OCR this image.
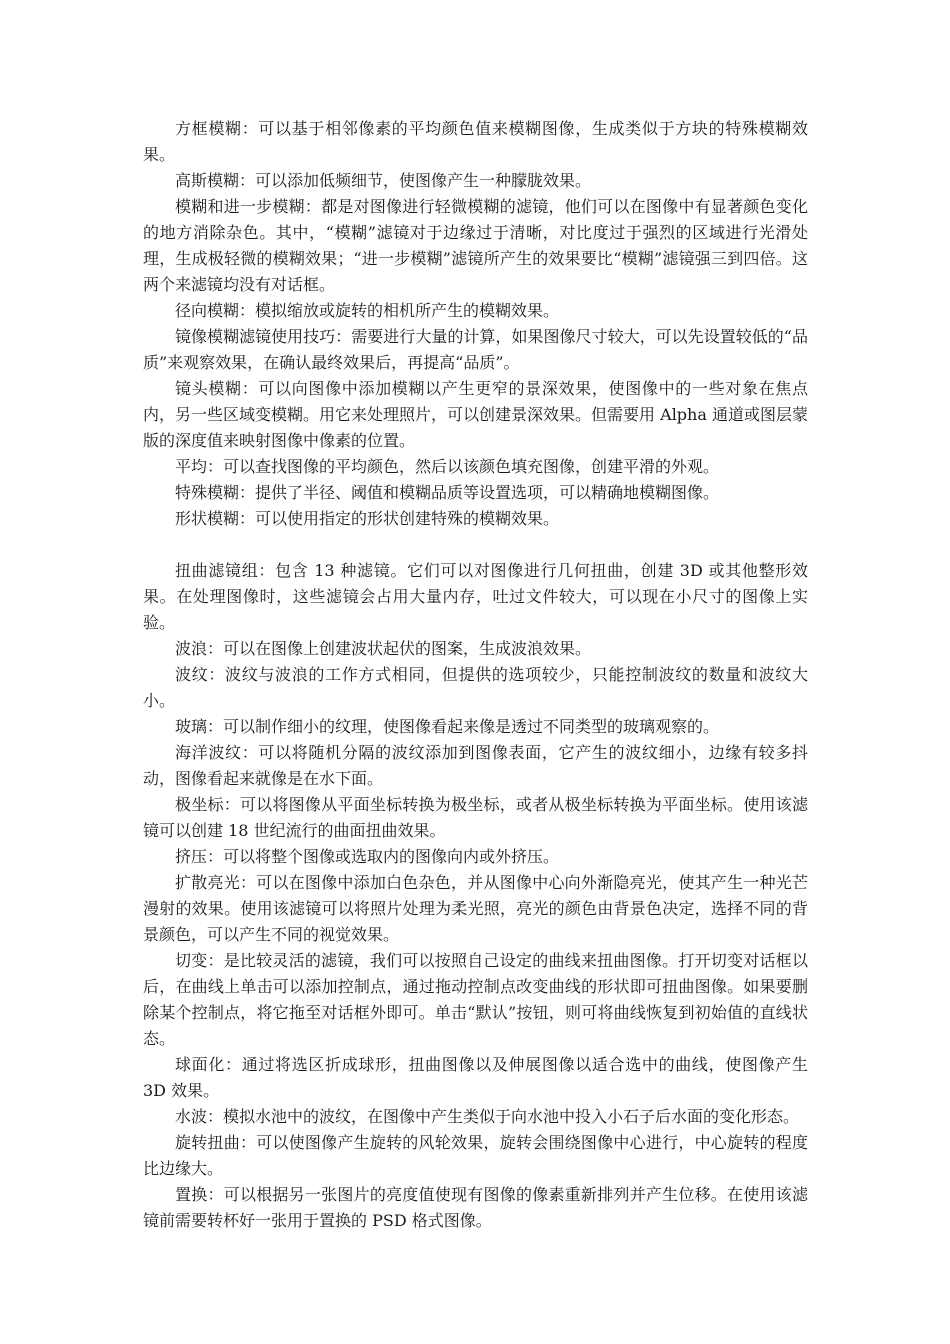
方框模糊：可以基于相邻像素的平均颜色值来模糊图像，生成类似于方块的特殊模糊效果。

高斯模糊：可以添加低频细节，使图像产生一种朦胧效果。

模糊和进一步模糊：都是对图像进行轻微模糊的滤镜，他们可以在图像中有显著颜色变化的地方消除杂色。其中，“模糊”滤镜对于边缘过于清晰，对比度过于强烈的区域进行光滑处理，生成极轻微的模糊效果；“进一步模糊”滤镜所产生的效果要比“模糊”滤镜强三到四倍。这两个来滤镜均没有对话框。

径向模糊：模拟缩放或旋转的相机所产生的模糊效果。

镜像模糊滤镜使用技巧：需要进行大量的计算，如果图像尺寸较大，可以先设置较低的“品质”来观察效果，在确认最终效果后，再提高“品质”。

镜头模糊：可以向图像中添加模糊以产生更窄的景深效果，使图像中的一些对象在焦点内，另一些区域变模糊。用它来处理照片，可以创建景深效果。但需要用 Alpha 通道或图层蒙版的深度值来映射图像中像素的位置。

平均：可以查找图像的平均颜色，然后以该颜色填充图像，创建平滑的外观。

特殊模糊：提供了半径、阈值和模糊品质等设置选项，可以精确地模糊图像。

形状模糊：可以使用指定的形状创建特殊的模糊效果。

扭曲滤镜组：包含 13 种滤镜。它们可以对图像进行几何扭曲，创建 3D 或其他整形效果。在处理图像时，这些滤镜会占用大量内存，吐过文件较大，可以现在小尺寸的图像上实验。

波浪：可以在图像上创建波状起伏的图案，生成波浪效果。

波纹：波纹与波浪的工作方式相同，但提供的选项较少，只能控制波纹的数量和波纹大小。

玻璃：可以制作细小的纹理，使图像看起来像是透过不同类型的玻璃观察的。

海洋波纹：可以将随机分隔的波纹添加到图像表面，它产生的波纹细小，边缘有较多抖动，图像看起来就像是在水下面。

极坐标：可以将图像从平面坐标转换为极坐标，或者从极坐标转换为平面坐标。使用该滤镜可以创建 18 世纪流行的曲面扭曲效果。

挤压：可以将整个图像或选取内的图像向内或外挤压。

扩散亮光：可以在图像中添加白色杂色，并从图像中心向外渐隐亮光，使其产生一种光芒漫射的效果。使用该滤镜可以将照片处理为柔光照，亮光的颜色由背景色决定，选择不同的背景颜色，可以产生不同的视觉效果。

切变：是比较灵活的滤镜，我们可以按照自己设定的曲线来扭曲图像。打开切变对话框以后，在曲线上单击可以添加控制点，通过拖动控制点改变曲线的形状即可扭曲图像。如果要删除某个控制点，将它拖至对话框外即可。单击“默认”按钮，则可将曲线恢复到初始值的直线状态。

球面化：通过将选区折成球形，扭曲图像以及伸展图像以适合选中的曲线，使图像产生 3D 效果。

水波：模拟水池中的波纹，在图像中产生类似于向水池中投入小石子后水面的变化形态。

旋转扭曲：可以使图像产生旋转的风轮效果，旋转会围绕图像中心进行，中心旋转的程度比边缘大。

置换：可以根据另一张图片的亮度值使现有图像的像素重新排列并产生位移。在使用该滤镜前需要转杯好一张用于置换的 PSD 格式图像。
